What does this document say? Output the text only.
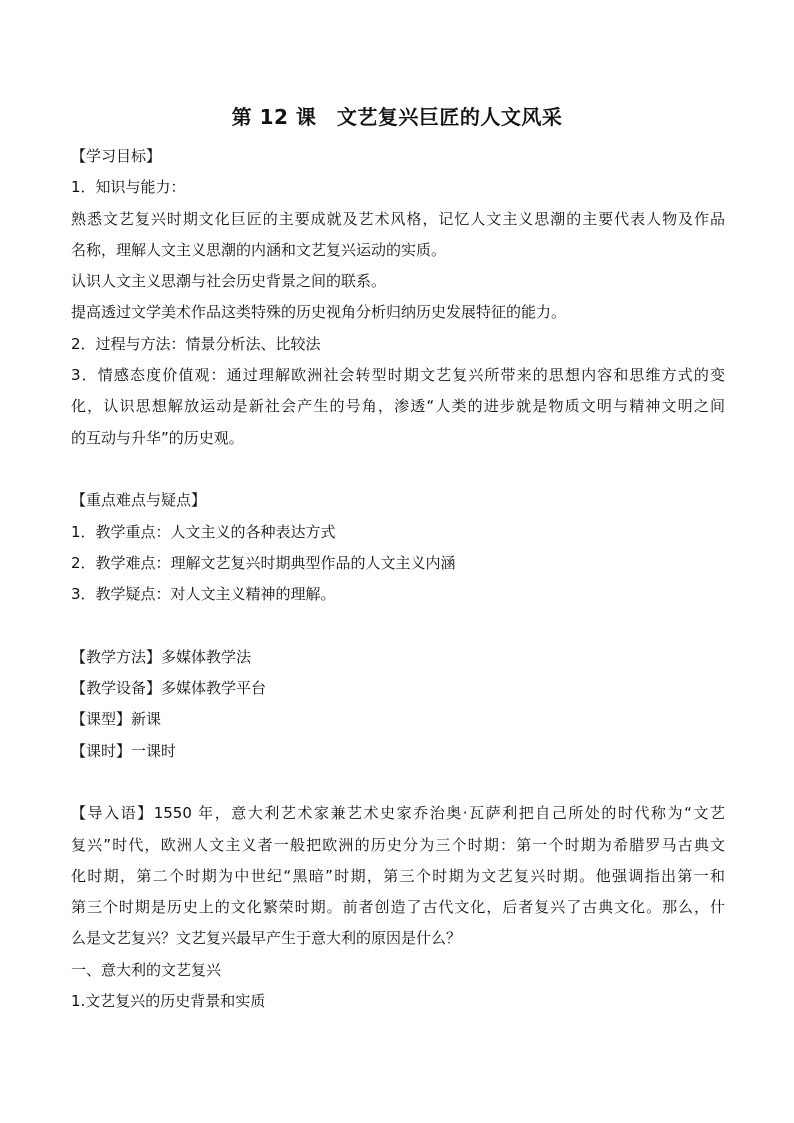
第 12 课　文艺复兴巨匠的人文风采
【学习目标】
1．知识与能力：
熟悉文艺复兴时期文化巨匠的主要成就及艺术风格，记忆人文主义思潮的主要代表人物及作品
名称，理解人文主义思潮的内涵和文艺复兴运动的实质。
认识人文主义思潮与社会历史背景之间的联系。
提高透过文学美术作品这类特殊的历史视角分析归纳历史发展特征的能力。
2．过程与方法：情景分析法、比较法
3．情感态度价值观：通过理解欧洲社会转型时期文艺复兴所带来的思想内容和思维方式的变
化，认识思想解放运动是新社会产生的号角，渗透“人类的进步就是物质文明与精神文明之间
的互动与升华”的历史观。
【重点难点与疑点】
1．教学重点：人文主义的各种表达方式
2．教学难点：理解文艺复兴时期典型作品的人文主义内涵
3．教学疑点：对人文主义精神的理解。
【教学方法】多媒体教学法
【教学设备】多媒体教学平台
【课型】新课
【课时】一课时
【导入语】1550 年，意大利艺术家兼艺术史家乔治奥·瓦萨利把自己所处的时代称为“文艺
复兴”时代，欧洲人文主义者一般把欧洲的历史分为三个时期：第一个时期为希腊罗马古典文
化时期，第二个时期为中世纪“黑暗”时期，第三个时期为文艺复兴时期。他强调指出第一和
第三个时期是历史上的文化繁荣时期。前者创造了古代文化，后者复兴了古典文化。那么，什
么是文艺复兴？文艺复兴最早产生于意大利的原因是什么？
一、意大利的文艺复兴
1.文艺复兴的历史背景和实质
